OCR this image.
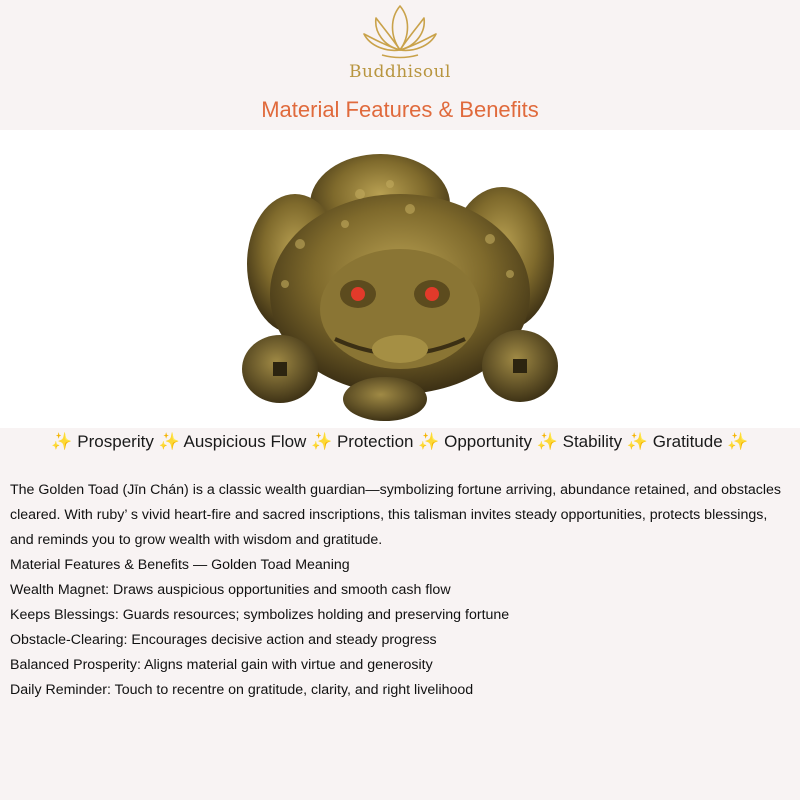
Buddhisoul
Material Features & Benefits
✨ Prosperity ✨ Auspicious Flow ✨ Protection ✨ Opportunity ✨ Stability ✨ Gratitude ✨

The Golden Toad (Jīn Chán) is a classic wealth guardian—symbolizing fortune arriving, abundance retained, and obstacles cleared. With ruby’ s vivid heart-fire and sacred inscriptions, this talisman invites steady opportunities, protects blessings, and reminds you to grow wealth with wisdom and gratitude.

Material Features & Benefits — Golden Toad Meaning

Wealth Magnet: Draws auspicious opportunities and smooth cash flow

Keeps Blessings: Guards resources; symbolizes holding and preserving fortune

Obstacle-Clearing: Encourages decisive action and steady progress

Balanced Prosperity: Aligns material gain with virtue and generosity

Daily Reminder: Touch to recentre on gratitude, clarity, and right livelihood
